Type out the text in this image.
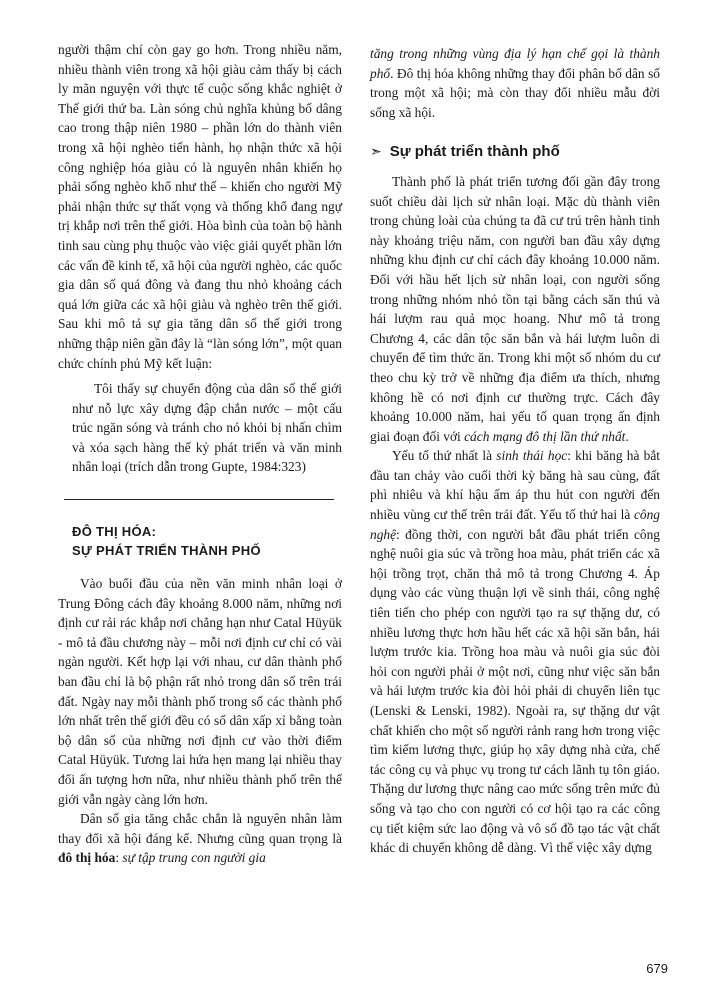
người thậm chí còn gay go hơn. Trong nhiều năm, nhiều thành viên trong xã hội giàu cảm thấy bị cách ly mãn nguyện với thực tế cuộc sống khắc nghiệt ở Thế giới thứ ba. Làn sóng chủ nghĩa khủng bố dâng cao trong thập niên 1980 – phần lớn do thành viên trong xã hội nghèo tiến hành, họ nhận thức xã hội công nghiệp hóa giàu có là nguyên nhân khiến họ phải sống nghèo khổ như thế – khiến cho người Mỹ phải nhận thức sự thất vọng và thống khổ đang ngự trị khắp nơi trên thế giới. Hòa bình của toàn bộ hành tinh sau cùng phụ thuộc vào việc giải quyết phần lớn các vấn đề kinh tế, xã hội của người nghèo, các quốc gia dân số quá đông và đang thu nhỏ khoảng cách quá lớn giữa các xã hội giàu và nghèo trên thế giới. Sau khi mô tả sự gia tăng dân số thế giới trong những thập niên gần đây là “làn sóng lớn”, một quan chức chính phủ Mỹ kết luận:

Tôi thấy sự chuyển động của dân số thế giới như nỗ lực xây dựng đập chắn nước – một cấu trúc ngăn sóng và tránh cho nó khỏi bị nhấn chìm và xóa sạch hàng thế kỷ phát triển và văn minh nhân loại (trích dẫn trong Gupte, 1984:323)

ĐÔ THỊ HÓA:
SỰ PHÁT TRIỂN THÀNH PHỐ

Vào buổi đầu của nền văn minh nhân loại ở Trung Đông cách đây khoảng 8.000 năm, những nơi định cư rải rác khắp nơi chẳng hạn như Catal Hüyük - mô tả đầu chương này – mỗi nơi định cư chỉ có vài ngàn người. Kết hợp lại với nhau, cư dân thành phố ban đầu chỉ là bộ phận rất nhỏ trong dân số trên trái đất. Ngày nay mỗi thành phố trong số các thành phố lớn nhất trên thế giới đều có số dân xấp xỉ bằng toàn bộ dân số của những nơi định cư vào thời điểm Catal Hüyük. Tương lai hứa hẹn mang lại nhiều thay đổi ấn tượng hơn nữa, như nhiều thành phố trên thế giới vẫn ngày càng lớn hơn.

Dân số gia tăng chắc chắn là nguyên nhân làm thay đổi xã hội đáng kể. Nhưng cũng quan trọng là đô thị hóa: sự tập trung con người gia

tăng trong những vùng địa lý hạn chế gọi là thành phố. Đô thị hóa không những thay đổi phân bố dân số trong một xã hội; mà còn thay đổi nhiều mẫu đời sống xã hội.

➣ Sự phát triển thành phố

Thành phố là phát triển tương đối gần đây trong suốt chiều dài lịch sử nhân loại. Mặc dù thành viên trong chủng loài của chúng ta đã cư trú trên hành tinh này khoảng triệu năm, con người ban đầu xây dựng những khu định cư chỉ cách đây khoảng 10.000 năm. Đối với hầu hết lịch sử nhân loại, con người sống trong những nhóm nhỏ tồn tại bằng cách săn thú và hái lượm rau quả mọc hoang. Như mô tả trong Chương 4, các dân tộc săn bắn và hái lượm luôn di chuyển để tìm thức ăn. Trong khi một số nhóm du cư theo chu kỳ trở về những địa điểm ưa thích, nhưng không hề có nơi định cư thường trực. Cách đây khoảng 10.000 năm, hai yếu tố quan trọng ấn định giai đoạn đối với cách mạng đô thị lần thứ nhất.

Yếu tố thứ nhất là sinh thái học: khi băng hà bắt đầu tan chảy vào cuối thời kỳ băng hà sau cùng, đất phì nhiêu và khí hậu ấm áp thu hút con người đến nhiều vùng cư thế trên trái đất. Yếu tố thứ hai là công nghệ: đồng thời, con người bắt đầu phát triển công nghệ nuôi gia súc và trồng hoa màu, phát triển các xã hội trồng trọt, chăn thả mô tả trong Chương 4. Áp dụng vào các vùng thuận lợi về sinh thái, công nghệ tiên tiến cho phép con người tạo ra sự thặng dư, có nhiều lương thực hơn hầu hết các xã hội săn bắn, hái lượm trước kia. Trồng hoa màu và nuôi gia súc đòi hỏi con người phải ở một nơi, cũng như việc săn bắn và hái lượm trước kia đòi hỏi phải di chuyển liên tục (Lenski & Lenski, 1982). Ngoài ra, sự thặng dư vật chất khiến cho một số người rảnh rang hơn trong việc tìm kiếm lương thực, giúp họ xây dựng nhà cửa, chế tác công cụ và phục vụ trong tư cách lãnh tụ tôn giáo. Thặng dư lương thực nâng cao mức sống trên mức đủ sống và tạo cho con người có cơ hội tạo ra các công cụ tiết kiệm sức lao động và vô số đồ tạo tác vật chất khác di chuyển không dễ dàng. Vì thế việc xây dựng

679
